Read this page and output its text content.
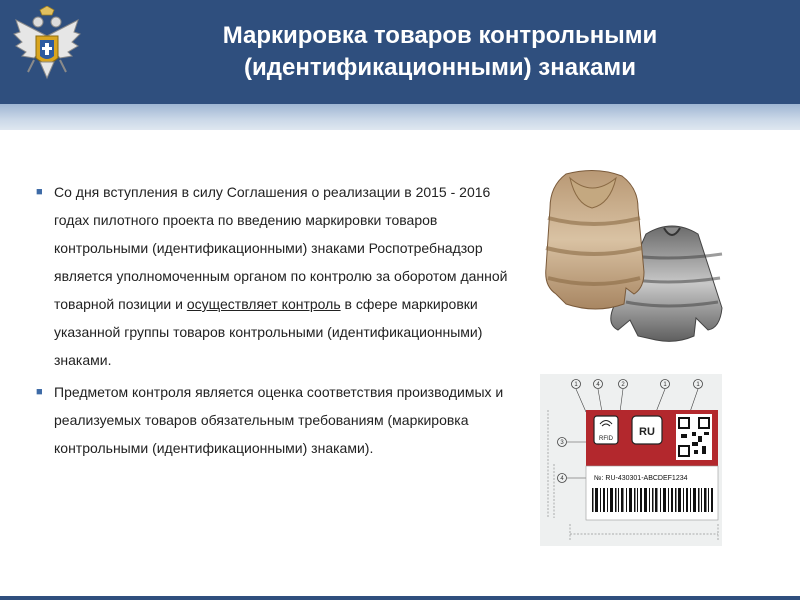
Маркировка товаров контрольными
(идентификационными) знаками
■ Со дня вступления в силу Соглашения о реализации в 2015 - 2016 годах пилотного проекта по введению маркировки товаров контрольными (идентификационными) знаками Роспотребнадзор является уполномоченным органом по контролю за оборотом данной товарной позиции и осуществляет контроль в сфере маркировки указанной группы товаров контрольными (идентификационными) знаками.
■ Предметом контроля является оценка соответствия производимых и реализуемых товаров обязательным требованиям (маркировка контрольными (идентификационными) знаками).
1	4	2	1	1
3
4
RFID
RU
№: RU-430301-ABCDEF1234
